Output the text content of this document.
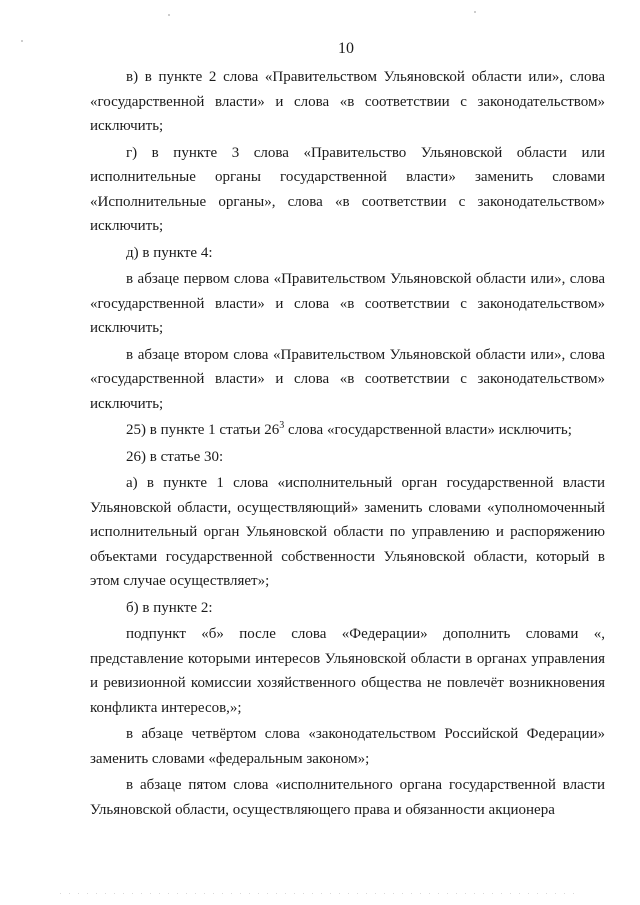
10

в) в пункте 2 слова «Правительством Ульяновской области или», слова «государственной власти» и слова «в соответствии с законодательством» исключить;

г) в пункте 3 слова «Правительство Ульяновской области или исполнительные органы государственной власти» заменить словами «Исполнительные органы», слова «в соответствии с законодательством» исключить;

д) в пункте 4:

в абзаце первом слова «Правительством Ульяновской области или», слова «государственной власти» и слова «в соответствии с законодательством» исключить;

в абзаце втором слова «Правительством Ульяновской области или», слова «государственной власти» и слова «в соответствии с законодательством» исключить;

25) в пункте 1 статьи $26^3$ слова «государственной власти» исключить;

26) в статье 30:

а) в пункте 1 слова «исполнительный орган государственной власти Ульяновской области, осуществляющий» заменить словами «уполномоченный исполнительный орган Ульяновской области по управлению и распоряжению объектами государственной собственности Ульяновской области, который в этом случае осуществляет»;

б) в пункте 2:

подпункт «б» после слова «Федерации» дополнить словами «, представление которыми интересов Ульяновской области в органах управления и ревизионной комиссии хозяйственного общества не повлечёт возникновения конфликта интересов,»;

в абзаце четвёртом слова «законодательством Российской Федерации» заменить словами «федеральным законом»;

в абзаце пятом слова «исполнительного органа государственной власти Ульяновской области, осуществляющего права и обязанности акционера
